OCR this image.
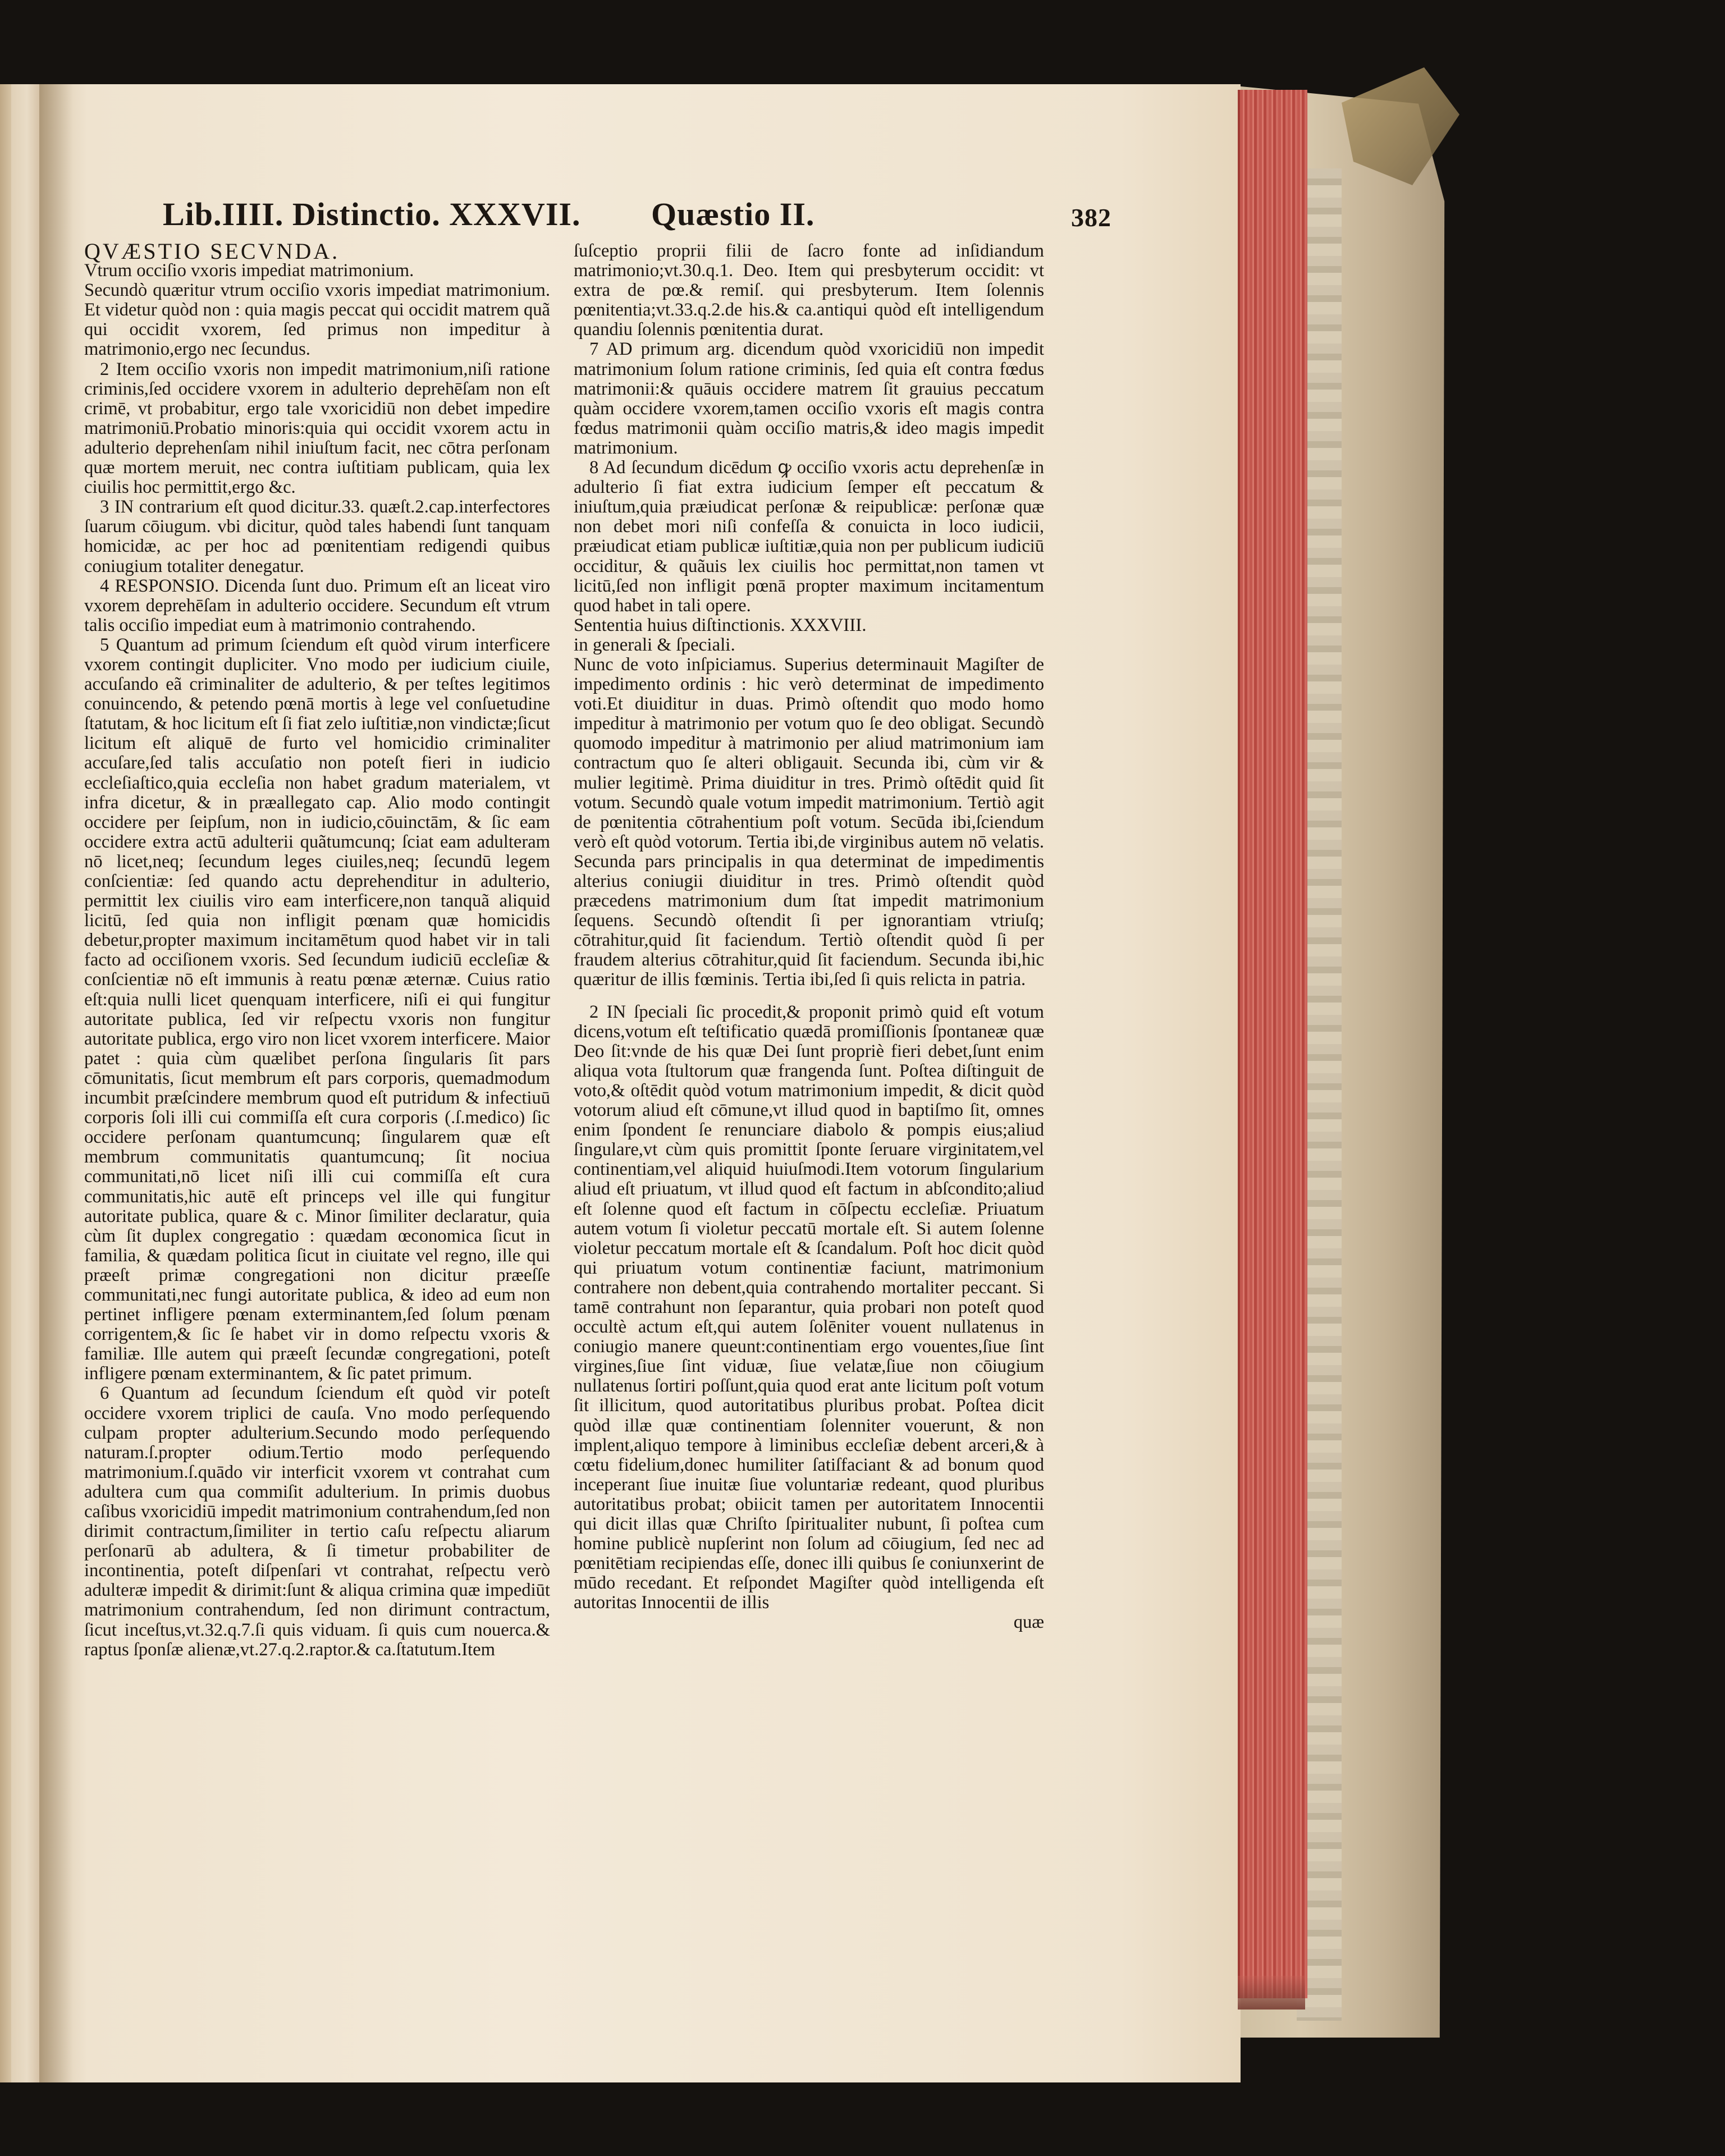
Lib.IIII. Distinctio. XXXVII. Quæstio II.	382

QVÆSTIO SECVNDA.

Vtrum occiſio vxoris impediat matrimonium.

Secundò quæritur vtrum occiſio vxoris impediat matrimonium. Et videtur quòd non : quia magis peccat qui occidit matrem quã qui occidit vxorem, ſed primus non impeditur à matrimonio,ergo nec ſecundus.

2 Item occiſio vxoris non impedit matrimonium,niſi ratione criminis,ſed occidere vxorem in adulterio deprehēſam non eſt crimē, vt probabitur, ergo tale vxoricidiū non debet impedire matrimoniū.Probatio minoris:quia qui occidit vxorem actu in adulterio deprehenſam nihil iniuſtum facit, nec cōtra perſonam quæ mortem meruit, nec contra iuſtitiam publicam, quia lex ciuilis hoc permittit,ergo &c.

3 IN contrarium eſt quod dicitur.33. quæſt.2.cap.interfectores ſuarum cōiugum. vbi dicitur, quòd tales habendi ſunt tanquam homicidæ, ac per hoc ad pœnitentiam redigendi quibus coniugium totaliter denegatur.

4 RESPONSIO. Dicenda ſunt duo. Primum eſt an liceat viro vxorem deprehēſam in adulterio occidere. Secundum eſt vtrum talis occiſio impediat eum à matrimonio contrahendo.

5 Quantum ad primum ſciendum eſt quòd virum interficere vxorem contingit dupliciter. Vno modo per iudicium ciuile, accuſando eã criminaliter de adulterio, & per teſtes legitimos conuincendo, & petendo pœnā mortis à lege vel conſuetudine ſtatutam, & hoc licitum eſt ſi fiat zelo iuſtitiæ,non vindictæ;ſicut licitum eſt aliquē de furto vel homicidio criminaliter accuſare,ſed talis accuſatio non poteſt fieri in iudicio eccleſiaſtico,quia eccleſia non habet gradum materialem, vt infra dicetur, & in præallegato cap. Alio modo contingit occidere per ſeipſum, non in iudicio,cōuinctām, & ſic eam occidere extra actū adulterii quãtumcunq; ſciat eam adulteram nō licet,neq; ſecundum leges ciuiles,neq; ſecundū legem conſcientiæ: ſed quando actu deprehenditur in adulterio, permittit lex ciuilis viro eam interficere,non tanquã aliquid licitū, ſed quia non infligit pœnam quæ homicidis debetur,propter maximum incitamētum quod habet vir in tali facto ad occiſionem vxoris. Sed ſecundum iudiciū eccleſiæ & conſcientiæ nō eſt immunis à reatu pœnæ æternæ. Cuius ratio eſt:quia nulli licet quenquam interficere, niſi ei qui fungitur autoritate publica, ſed vir reſpectu vxoris non fungitur autoritate publica, ergo viro non licet vxorem interficere. Maior patet : quia cùm quælibet perſona ſingularis ſit pars cōmunitatis, ſicut membrum eſt pars corporis, quemadmodum incumbit præſcindere membrum quod eſt putridum & infectiuū corporis ſoli illi cui commiſſa eſt cura corporis (.ſ.medico) ſic occidere perſonam quantumcunq; ſingularem quæ eſt membrum communitatis quantumcunq; ſit nociua communitati,nō licet niſi illi cui commiſſa eſt cura communitatis,hic autē eſt princeps vel ille qui fungitur autoritate publica, quare & c. Minor ſimiliter declaratur, quia cùm ſit duplex congregatio : quædam œconomica ſicut in familia, & quædam politica ſicut in ciuitate vel regno, ille qui præeſt primæ congregationi non dicitur præeſſe communitati,nec fungi autoritate publica, & ideo ad eum non pertinet infligere pœnam exterminantem,ſed ſolum pœnam corrigentem,& ſic ſe habet vir in domo reſpectu vxoris & familiæ. Ille autem qui præeſt ſecundæ congregationi, poteſt infligere pœnam exterminantem, & ſic patet primum.

6 Quantum ad ſecundum ſciendum eſt quòd vir poteſt occidere vxorem triplici de cauſa. Vno modo perſequendo culpam propter adulterium.Secundo modo perſequendo naturam.ſ.propter odium.Tertio modo perſequendo matrimonium.ſ.quādo vir interficit vxorem vt contrahat cum adultera cum qua commiſit adulterium. In primis duobus caſibus vxoricidiū impedit matrimonium contrahendum,ſed non dirimit contractum,ſimiliter in tertio caſu reſpectu aliarum perſonarū ab adultera, & ſi timetur probabiliter de incontinentia, poteſt diſpenſari vt contrahat, reſpectu verò adulteræ impedit & dirimit:ſunt & aliqua crimina quæ impediūt matrimonium contrahendum, ſed non dirimunt contractum, ſicut inceſtus,vt.32.q.7.ſi quis viduam. ſi quis cum nouerca.& raptus ſponſæ alienæ,vt.27.q.2.raptor.& ca.ſtatutum.Item

ſuſceptio proprii filii de ſacro fonte ad inſidiandum matrimonio;vt.30.q.1. Deo. Item qui presbyterum occidit: vt extra de pœ.& remiſ. qui presbyterum. Item ſolennis pœnitentia;vt.33.q.2.de his.& ca.antiqui quòd eſt intelligendum quandiu ſolennis pœnitentia durat.

7 AD primum arg. dicendum quòd vxoricidiū non impedit matrimonium ſolum ratione criminis, ſed quia eſt contra fœdus matrimonii:& quāuis occidere matrem ſit grauius peccatum quàm occidere vxorem,tamen occiſio vxoris eſt magis contra fœdus matrimonii quàm occiſio matris,& ideo magis impedit matrimonium.

8 Ad ſecundum dicēdum ꝙ occiſio vxoris actu deprehenſæ in adulterio ſi fiat extra iudicium ſemper eſt peccatum & iniuſtum,quia præiudicat perſonæ & reipublicæ: perſonæ quæ non debet mori niſi confeſſa & conuicta in loco iudicii, præiudicat etiam publicæ iuſtitiæ,quia non per publicum iudiciū occiditur, & quãuis lex ciuilis hoc permittat,non tamen vt licitū,ſed non infligit pœnā propter maximum incitamentum quod habet in tali opere.

Sententia huius diſtinctionis. XXXVIII.

in generali & ſpeciali.

Nunc de voto inſpiciamus. Superius determinauit Magiſter de impedimento ordinis : hic verò determinat de impedimento voti.Et diuiditur in duas. Primò oſtendit quo modo homo impeditur à matrimonio per votum quo ſe deo obligat. Secundò quomodo impeditur à matrimonio per aliud matrimonium iam contractum quo ſe alteri obligauit. Secunda ibi, cùm vir & mulier legitimè. Prima diuiditur in tres. Primò oſtēdit quid ſit votum. Secundò quale votum impedit matrimonium. Tertiò agit de pœnitentia cōtrahentium poſt votum. Secūda ibi,ſciendum verò eſt quòd votorum. Tertia ibi,de virginibus autem nō velatis. Secunda pars principalis in qua determinat de impedimentis alterius coniugii diuiditur in tres. Primò oſtendit quòd præcedens matrimonium dum ſtat impedit matrimonium ſequens. Secundò oſtendit ſi per ignorantiam vtriuſq; cōtrahitur,quid ſit faciendum. Tertiò oſtendit quòd ſi per fraudem alterius cōtrahitur,quid ſit faciendum. Secunda ibi,hic quæritur de illis fœminis. Tertia ibi,ſed ſi quis relicta in patria.

2 IN ſpeciali ſic procedit,& proponit primò quid eſt votum dicens,votum eſt teſtificatio quædā promiſſionis ſpontaneæ quæ Deo ſit:vnde de his quæ Dei ſunt propriè fieri debet,ſunt enim aliqua vota ſtultorum quæ frangenda ſunt. Poſtea diſtinguit de voto,& oſtēdit quòd votum matrimonium impedit, & dicit quòd votorum aliud eſt cōmune,vt illud quod in baptiſmo ſit, omnes enim ſpondent ſe renunciare diabolo & pompis eius;aliud ſingulare,vt cùm quis promittit ſponte ſeruare virginitatem,vel continentiam,vel aliquid huiuſmodi.Item votorum ſingularium aliud eſt priuatum, vt illud quod eſt factum in abſcondito;aliud eſt ſolenne quod eſt factum in cōſpectu eccleſiæ. Priuatum autem votum ſi violetur peccatū mortale eſt. Si autem ſolenne violetur peccatum mortale eſt & ſcandalum. Poſt hoc dicit quòd qui priuatum votum continentiæ faciunt, matrimonium contrahere non debent,quia contrahendo mortaliter peccant. Si tamē contrahunt non ſeparantur, quia probari non poteſt quod occultè actum eſt,qui autem ſolēniter vouent nullatenus in coniugio manere queunt:continentiam ergo vouentes,ſiue ſint virgines,ſiue ſint viduæ, ſiue velatæ,ſiue non cōiugium nullatenus ſortiri poſſunt,quia quod erat ante licitum poſt votum ſit illicitum, quod autoritatibus pluribus probat. Poſtea dicit quòd illæ quæ continentiam ſolenniter vouerunt, & non implent,aliquo tempore à liminibus eccleſiæ debent arceri,& à cœtu fidelium,donec humiliter ſatiſfaciant & ad bonum quod inceperant ſiue inuitæ ſiue voluntariæ redeant, quod pluribus autoritatibus probat; obiicit tamen per autoritatem Innocentii qui dicit illas quæ Chriſto ſpiritualiter nubunt, ſi poſtea cum homine publicè nupſerint non ſolum ad cōiugium, ſed nec ad pœnitētiam recipiendas eſſe, donec illi quibus ſe coniunxerint de mūdo recedant. Et reſpondet Magiſter quòd intelligenda eſt autoritas Innocentii de illis

quæ
